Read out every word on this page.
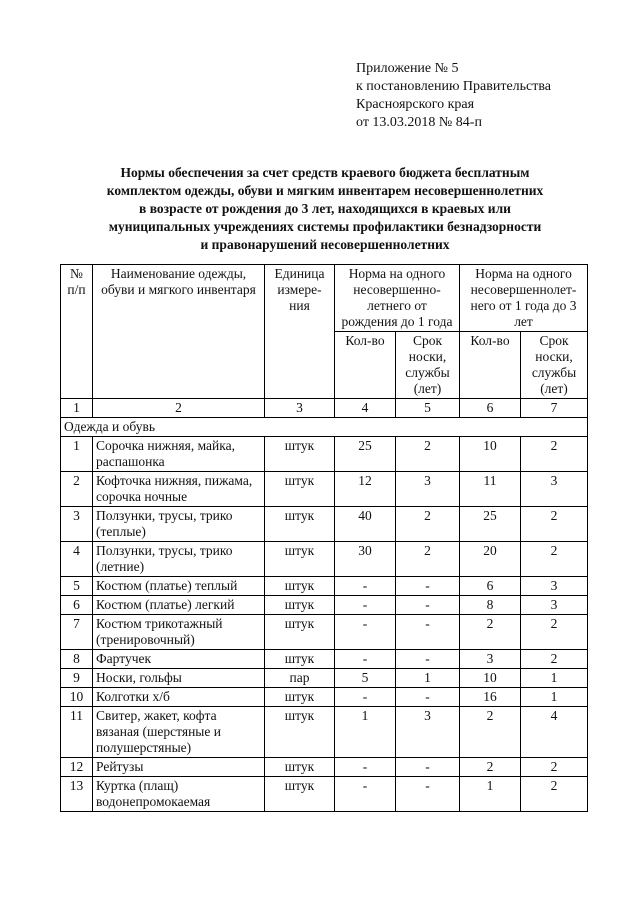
Приложение № 5
к постановлению Правительства
Красноярского края
от 13.03.2018 № 84-п
Нормы обеспечения за счет средств краевого бюджета бесплатным
комплектом одежды, обуви и мягким инвентарем несовершеннолетних
в возрасте от рождения до 3 лет, находящихся в краевых или
муниципальных учреждениях системы профилактики безнадзорности
и правонарушений несовершеннолетних
№ п/п	Наименование одежды, обуви и мягкого инвентаря	Единица измере-ния	Норма на одного несовершенно-летнего от рождения до 1 года		Норма на одного несовершеннолет-него от 1 года до 3 лет	
			Кол-во	Срок носки, службы (лет)	Кол-во	Срок носки, службы (лет)
1	2	3	4	5	6	7
Одежда и обувь						
1	Сорочка нижняя, майка, распашонка	штук	25	2	10	2
2	Кофточка нижняя, пижама, сорочка ночные	штук	12	3	11	3
3	Ползунки, трусы, трико (теплые)	штук	40	2	25	2
4	Ползунки, трусы, трико (летние)	штук	30	2	20	2
5	Костюм (платье) теплый	штук	-	-	6	3
6	Костюм (платье) легкий	штук	-	-	8	3
7	Костюм трикотажный (тренировочный)	штук	-	-	2	2
8	Фартучек	штук	-	-	3	2
9	Носки, гольфы	пар	5	1	10	1
10	Колготки х/б	штук	-	-	16	1
11	Свитер, жакет, кофта вязаная (шерстяные и полушерстяные)	штук	1	3	2	4
12	Рейтузы	штук	-	-	2	2
13	Куртка (плащ) водонепромокаемая	штук	-	-	1	2
